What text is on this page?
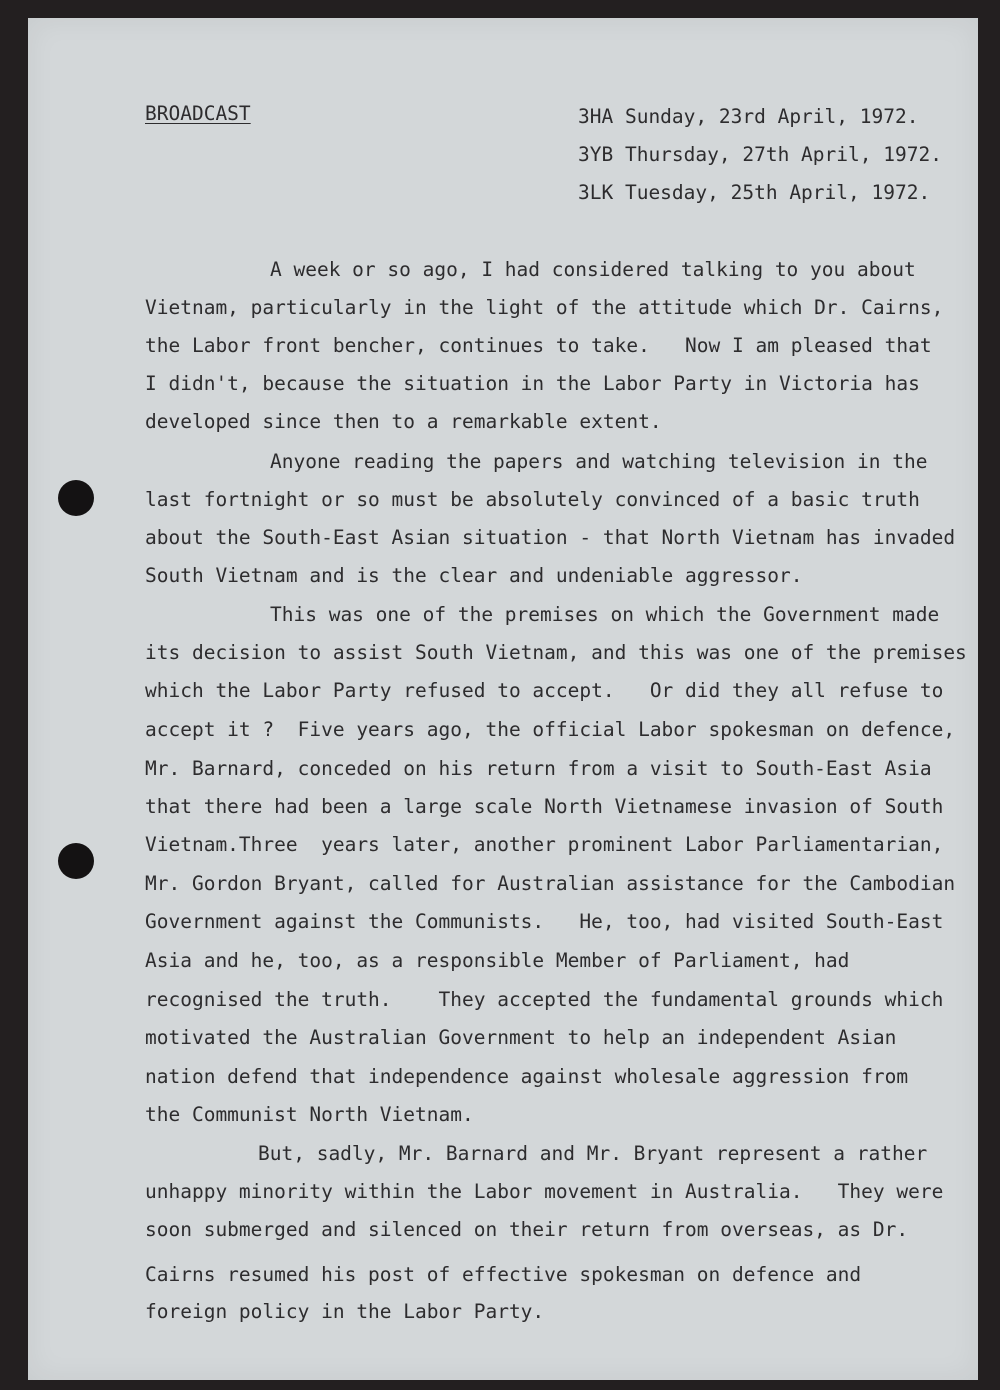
BROADCAST	3HA Sunday, 23rd April, 1972.
3YB Thursday, 27th April, 1972.
3LK Tuesday, 25th April, 1972.
A week or so ago, I had considered talking to you about
Vietnam, particularly in the light of the attitude which Dr. Cairns,
the Labor front bencher, continues to take.   Now I am pleased that
I didn't, because the situation in the Labor Party in Victoria has
developed since then to a remarkable extent.
Anyone reading the papers and watching television in the
last fortnight or so must be absolutely convinced of a basic truth
about the South-East Asian situation - that North Vietnam has invaded
South Vietnam and is the clear and undeniable aggressor.
This was one of the premises on which the Government made
its decision to assist South Vietnam, and this was one of the premises
which the Labor Party refused to accept.   Or did they all refuse to
accept it ?  Five years ago, the official Labor spokesman on defence,
Mr. Barnard, conceded on his return from a visit to South-East Asia
that there had been a large scale North Vietnamese invasion of South
Vietnam.Three  years later, another prominent Labor Parliamentarian,
Mr. Gordon Bryant, called for Australian assistance for the Cambodian
Government against the Communists.   He, too, had visited South-East
Asia and he, too, as a responsible Member of Parliament, had
recognised the truth.    They accepted the fundamental grounds which
motivated the Australian Government to help an independent Asian
nation defend that independence against wholesale aggression from
the Communist North Vietnam.
But, sadly, Mr. Barnard and Mr. Bryant represent a rather
unhappy minority within the Labor movement in Australia.   They were
soon submerged and silenced on their return from overseas, as Dr.
Cairns resumed his post of effective spokesman on defence and
foreign policy in the Labor Party.
